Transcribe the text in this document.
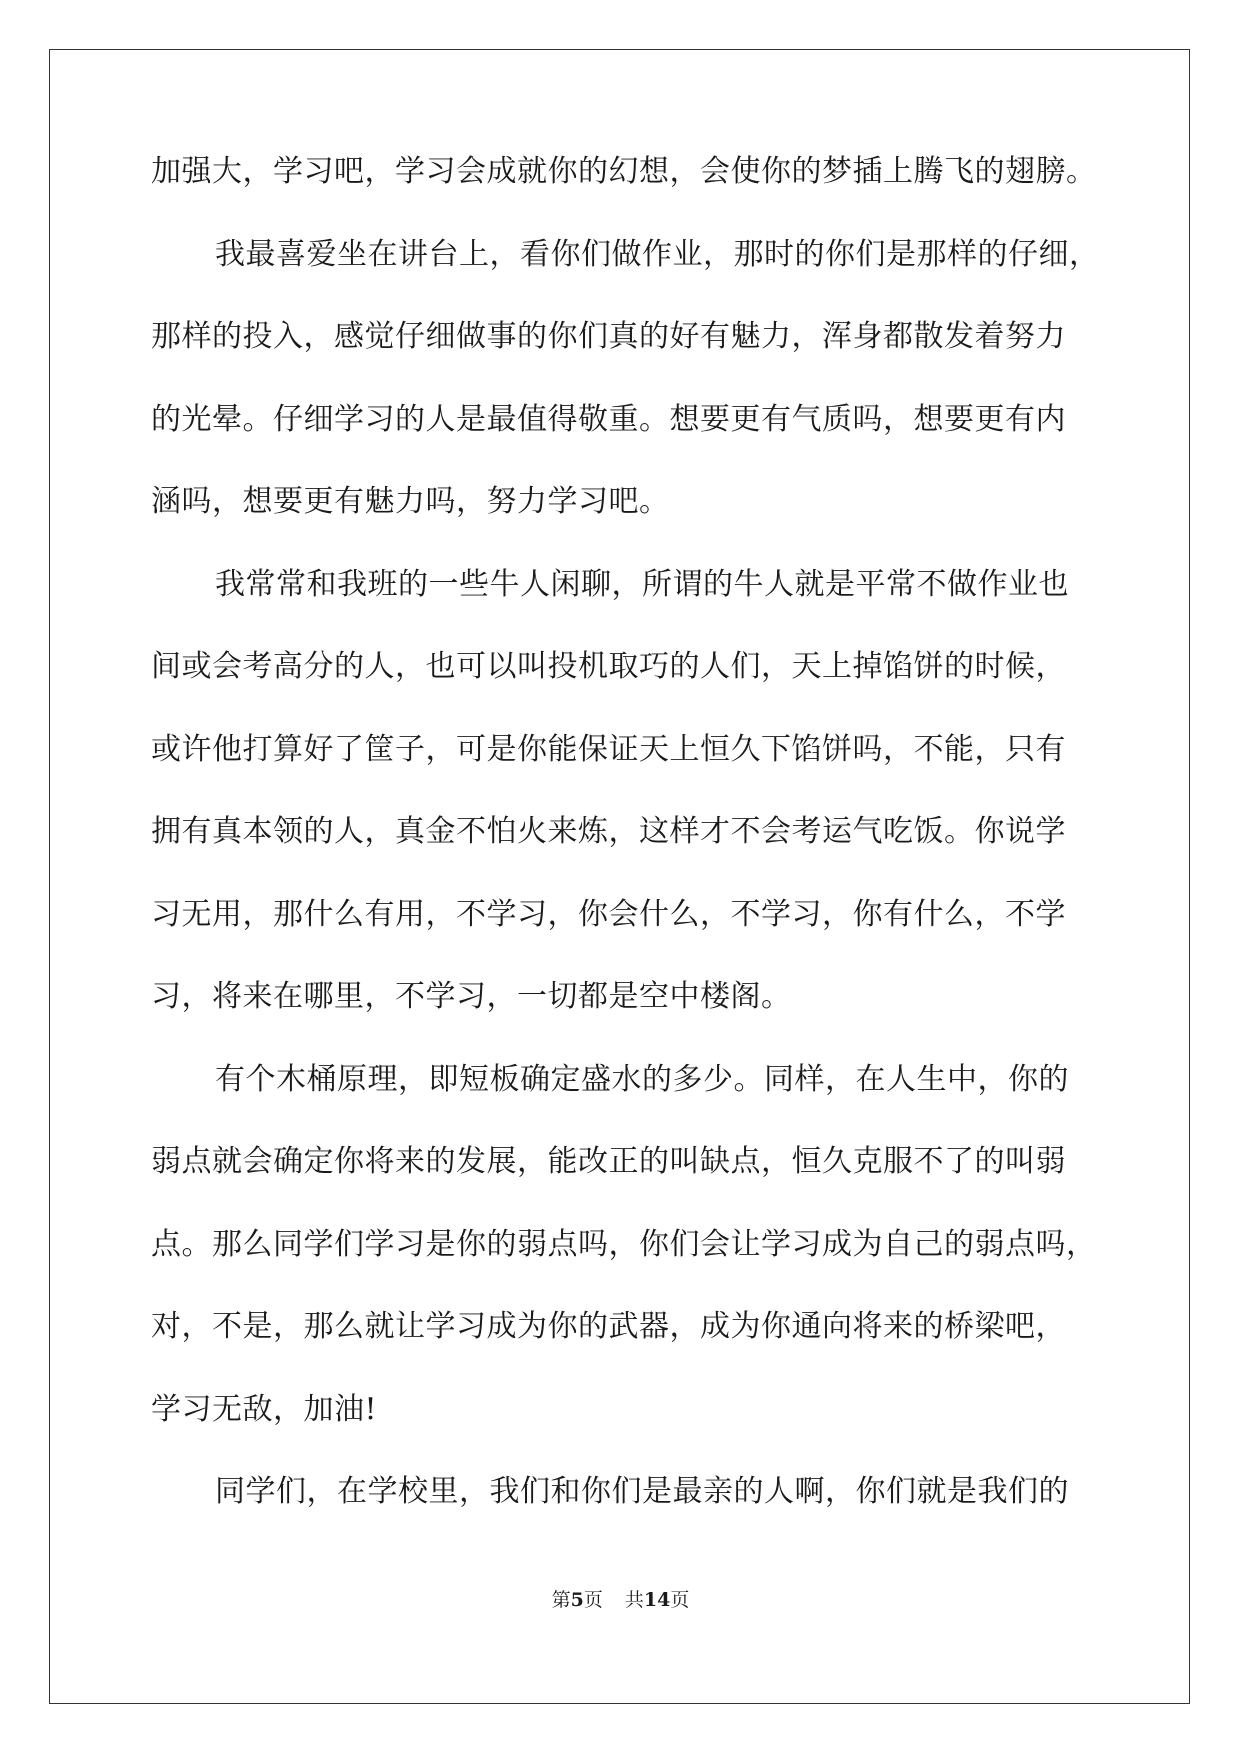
加强大，学习吧，学习会成就你的幻想，会使你的梦插上腾飞的翅膀。
我最喜爱坐在讲台上，看你们做作业，那时的你们是那样的仔细，
那样的投入，感觉仔细做事的你们真的好有魅力，浑身都散发着努力
的光晕。仔细学习的人是最值得敬重。想要更有气质吗，想要更有内
涵吗，想要更有魅力吗，努力学习吧。
我常常和我班的一些牛人闲聊，所谓的牛人就是平常不做作业也
间或会考高分的人，也可以叫投机取巧的人们，天上掉馅饼的时候，
或许他打算好了筐子，可是你能保证天上恒久下馅饼吗，不能，只有
拥有真本领的人，真金不怕火来炼，这样才不会考运气吃饭。你说学
习无用，那什么有用，不学习，你会什么，不学习，你有什么，不学
习，将来在哪里，不学习，一切都是空中楼阁。
有个木桶原理，即短板确定盛水的多少。同样，在人生中，你的
弱点就会确定你将来的发展，能改正的叫缺点，恒久克服不了的叫弱
点。那么同学们学习是你的弱点吗，你们会让学习成为自己的弱点吗，
对，不是，那么就让学习成为你的武器，成为你通向将来的桥梁吧，
学习无敌，加油!
同学们，在学校里，我们和你们是最亲的人啊，你们就是我们的
第5页 共14页
